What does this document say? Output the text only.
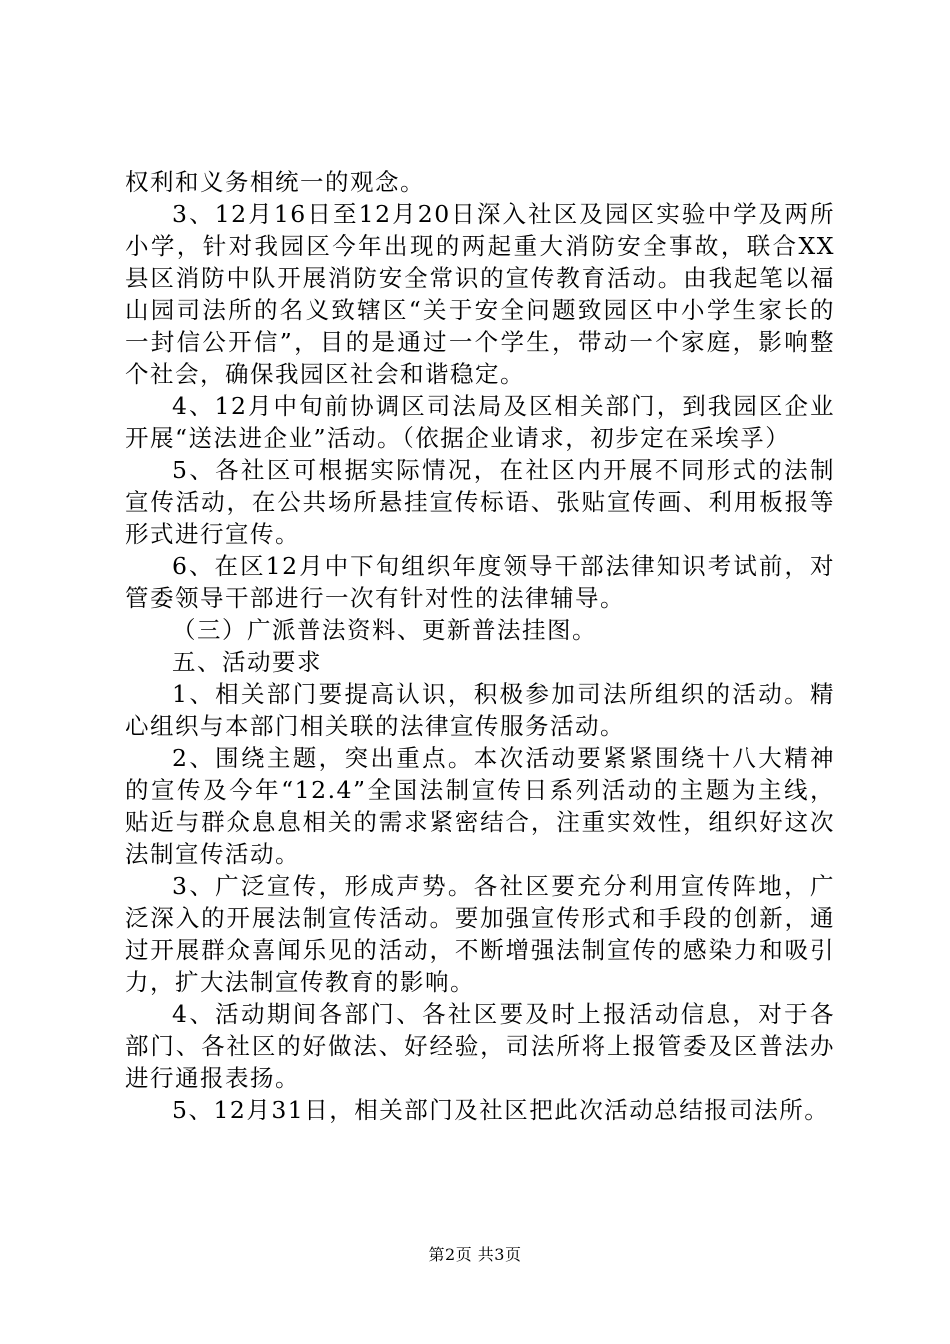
权利和义务相统一的观念。

3、12月16日至12月20日深入社区及园区实验中学及两所小学，针对我园区今年出现的两起重大消防安全事故，联合XX县区消防中队开展消防安全常识的宣传教育活动。由我起笔以福山园司法所的名义致辖区“关于安全问题致园区中小学生家长的一封信公开信”，目的是通过一个学生，带动一个家庭，影响整个社会，确保我园区社会和谐稳定。

4、12月中旬前协调区司法局及区相关部门，到我园区企业开展“送法进企业”活动。（依据企业请求，初步定在采埃孚）

5、各社区可根据实际情况，在社区内开展不同形式的法制宣传活动，在公共场所悬挂宣传标语、张贴宣传画、利用板报等形式进行宣传。

6、在区12月中下旬组织年度领导干部法律知识考试前，对管委领导干部进行一次有针对性的法律辅导。

（三）广派普法资料、更新普法挂图。

五、活动要求

1、相关部门要提高认识，积极参加司法所组织的活动。精心组织与本部门相关联的法律宣传服务活动。

2、围绕主题，突出重点。本次活动要紧紧围绕十八大精神的宣传及今年“12.4”全国法制宣传日系列活动的主题为主线，贴近与群众息息相关的需求紧密结合，注重实效性，组织好这次法制宣传活动。

3、广泛宣传，形成声势。各社区要充分利用宣传阵地，广泛深入的开展法制宣传活动。要加强宣传形式和手段的创新，通过开展群众喜闻乐见的活动，不断增强法制宣传的感染力和吸引力，扩大法制宣传教育的影响。

4、活动期间各部门、各社区要及时上报活动信息，对于各部门、各社区的好做法、好经验，司法所将上报管委及区普法办进行通报表扬。

5、12月31日，相关部门及社区把此次活动总结报司法所。

第2页 共3页
